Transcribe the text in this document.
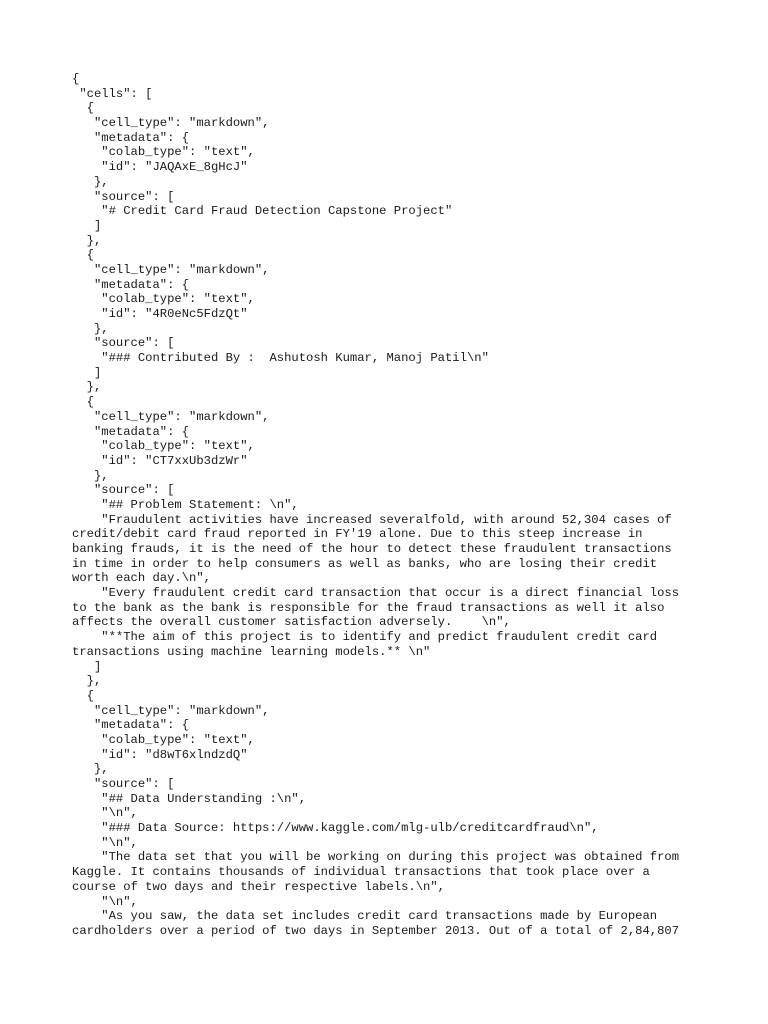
{
"cells": [
{
"cell_type": "markdown",
"metadata": {
"colab_type": "text",
"id": "JAQAxE_8gHcJ"
},
"source": [
"# Credit Card Fraud Detection Capstone Project"
]
},
{
"cell_type": "markdown",
"metadata": {
"colab_type": "text",
"id": "4R0eNc5FdzQt"
},
"source": [
"### Contributed By :  Ashutosh Kumar, Manoj Patil\n"
]
},
{
"cell_type": "markdown",
"metadata": {
"colab_type": "text",
"id": "CT7xxUb3dzWr"
},
"source": [
"## Problem Statement: \n",
"Fraudulent activities have increased severalfold, with around 52,304 cases of
credit/debit card fraud reported in FY'19 alone. Due to this steep increase in
banking frauds, it is the need of the hour to detect these fraudulent transactions
in time in order to help consumers as well as banks, who are losing their credit
worth each day.\n",
"Every fraudulent credit card transaction that occur is a direct financial loss
to the bank as the bank is responsible for the fraud transactions as well it also
affects the overall customer satisfaction adversely.    \n",
"**The aim of this project is to identify and predict fraudulent credit card
transactions using machine learning models.** \n"
]
},
{
"cell_type": "markdown",
"metadata": {
"colab_type": "text",
"id": "d8wT6xlndzdQ"
},
"source": [
"## Data Understanding :\n",
"\n",
"### Data Source: https://www.kaggle.com/mlg-ulb/creditcardfraud\n",
"\n",
"The data set that you will be working on during this project was obtained from
Kaggle. It contains thousands of individual transactions that took place over a
course of two days and their respective labels.\n",
"\n",
"As you saw, the data set includes credit card transactions made by European
cardholders over a period of two days in September 2013. Out of a total of 2,84,807
